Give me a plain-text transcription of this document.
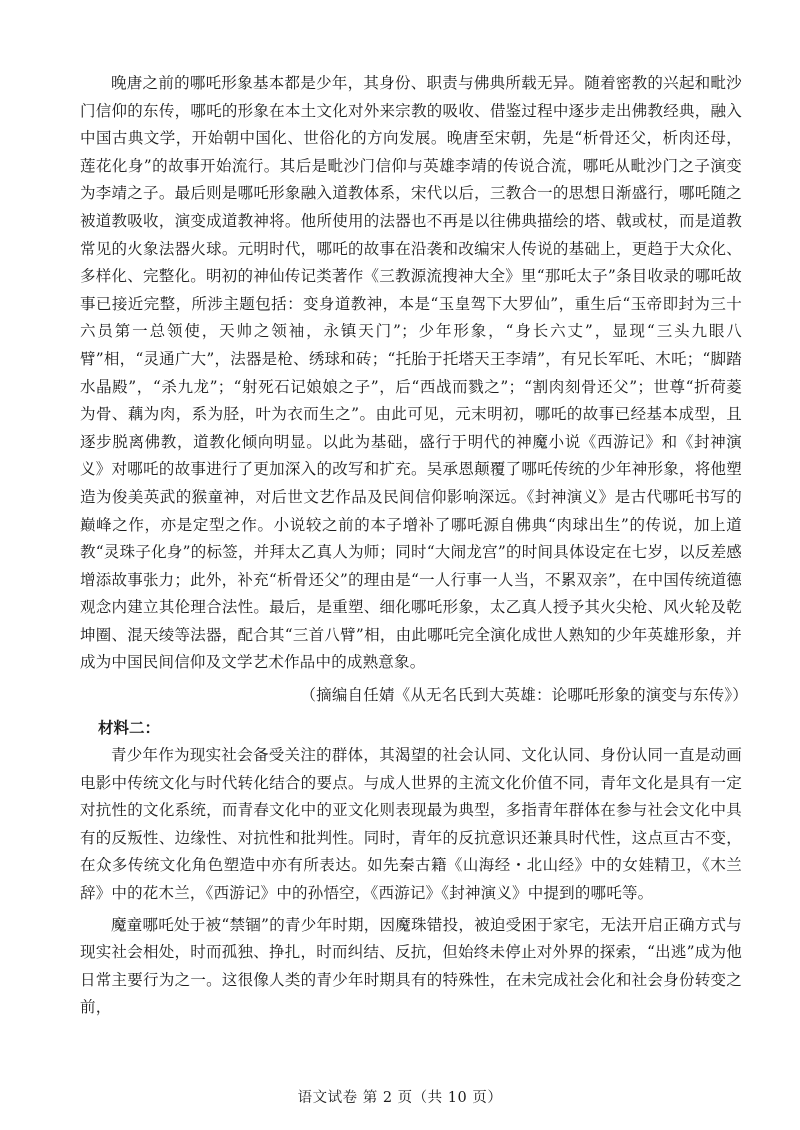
晚唐之前的哪吒形象基本都是少年，其身份、职责与佛典所载无异。随着密教的兴起和毗沙门信仰的东传，哪吒的形象在本土文化对外来宗教的吸收、借鉴过程中逐步走出佛教经典，融入中国古典文学，开始朝中国化、世俗化的方向发展。晚唐至宋朝，先是“析骨还父，析肉还母，莲花化身”的故事开始流行。其后是毗沙门信仰与英雄李靖的传说合流，哪吒从毗沙门之子演变为李靖之子。最后则是哪吒形象融入道教体系，宋代以后，三教合一的思想日渐盛行，哪吒随之被道教吸收，演变成道教神将。他所使用的法器也不再是以往佛典描绘的塔、戟或杖，而是道教常见的火象法器火球。元明时代，哪吒的故事在沿袭和改编宋人传说的基础上，更趋于大众化、多样化、完整化。明初的神仙传记类著作《三教源流搜神大全》里“那吒太子”条目收录的哪吒故事已接近完整，所涉主题包括：变身道教神，本是“玉皇驾下大罗仙”，重生后“玉帝即封为三十六员第一总领使，天帅之领袖，永镇天门”；少年形象，“身长六丈”，显现“三头九眼八臂”相，“灵通广大”，法器是枪、绣球和砖；“托胎于托塔天王李靖”，有兄长军吒、木吒；“脚踏水晶殿”，“杀九龙”；“射死石记娘娘之子”，后“西战而戮之”；“割肉刻骨还父”；世尊“折荷菱为骨、藕为肉，系为胫，叶为衣而生之”。由此可见，元末明初，哪吒的故事已经基本成型，且逐步脱离佛教，道教化倾向明显。以此为基础，盛行于明代的神魔小说《西游记》和《封神演义》对哪吒的故事进行了更加深入的改写和扩充。吴承恩颠覆了哪吒传统的少年神形象，将他塑造为俊美英武的猴童神，对后世文艺作品及民间信仰影响深远。《封神演义》是古代哪吒书写的巅峰之作，亦是定型之作。小说较之前的本子增补了哪吒源自佛典“肉球出生”的传说，加上道教“灵珠子化身”的标签，并拜太乙真人为师；同时“大闹龙宫”的时间具体设定在七岁，以反差感增添故事张力；此外，补充“析骨还父”的理由是“一人行事一人当，不累双亲”，在中国传统道德观念内建立其伦理合法性。最后，是重塑、细化哪吒形象，太乙真人授予其火尖枪、风火轮及乾坤圈、混天绫等法器，配合其“三首八臂”相，由此哪吒完全演化成世人熟知的少年英雄形象，并成为中国民间信仰及文学艺术作品中的成熟意象。

（摘编自任婧《从无名氏到大英雄：论哪吒形象的演变与东传》）
材料二：

青少年作为现实社会备受关注的群体，其渴望的社会认同、文化认同、身份认同一直是动画电影中传统文化与时代转化结合的要点。与成人世界的主流文化价值不同，青年文化是具有一定对抗性的文化系统，而青春文化中的亚文化则表现最为典型，多指青年群体在参与社会文化中具有的反叛性、边缘性、对抗性和批判性。同时，青年的反抗意识还兼具时代性，这点亘古不变，在众多传统文化角色塑造中亦有所表达。如先秦古籍《山海经・北山经》中的女娃精卫，《木兰辞》中的花木兰，《西游记》中的孙悟空，《西游记》《封神演义》中提到的哪吒等。

魔童哪吒处于被“禁锢”的青少年时期，因魔珠错投，被迫受困于家宅，无法开启正确方式与现实社会相处，时而孤独、挣扎，时而纠结、反抗，但始终未停止对外界的探索，“出逃”成为他日常主要行为之一。这很像人类的青少年时期具有的特殊性，在未完成社会化和社会身份转变之前，

语文试卷 第 2 页（共 10 页）
